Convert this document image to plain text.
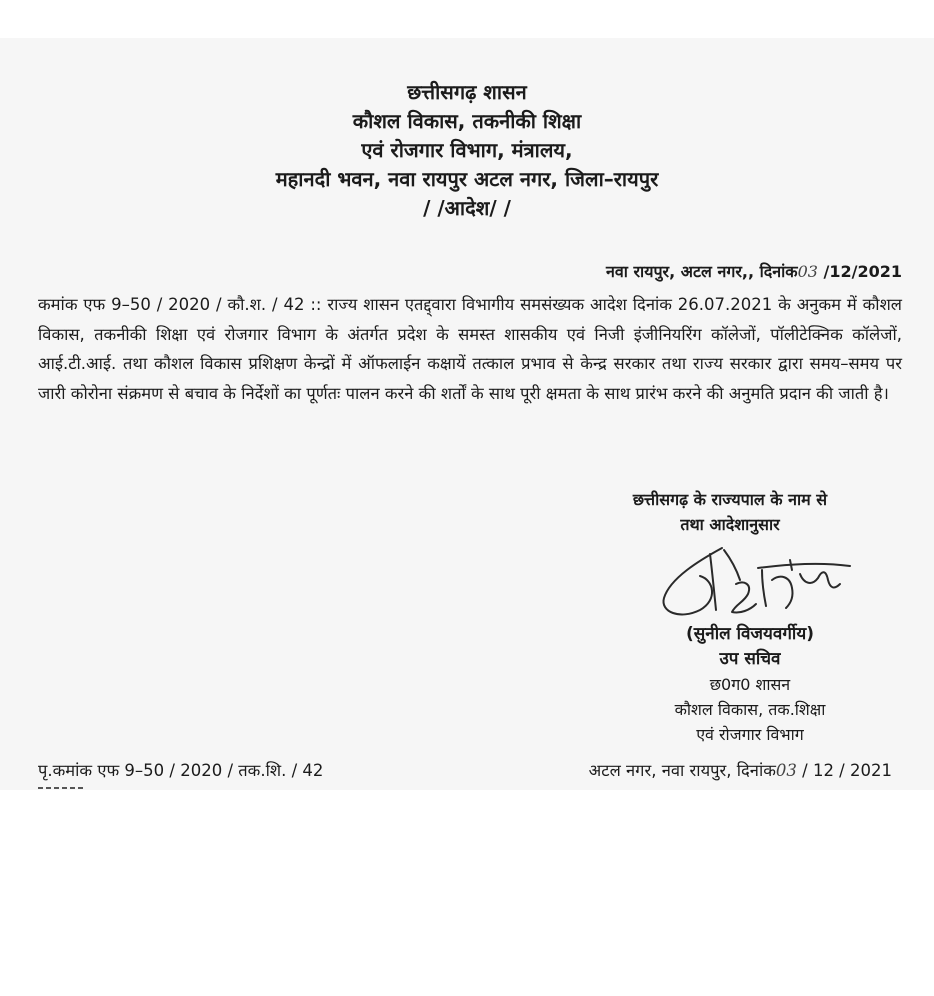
छत्तीसगढ़ शासन
कौशल विकास, तकनीकी शिक्षा
एवं रोजगार विभाग, मंत्रालय,
महानदी भवन, नवा रायपुर अटल नगर, जिला–रायपुर
/ /आदेश/ /
नवा रायपुर, अटल नगर,, दिनांक03 /12/2021
कमांक एफ 9–50 / 2020 / कौ.श. / 42 :: राज्य शासन एतद्द्वारा विभागीय समसंख्यक आदेश दिनांक 26.07.2021 के अनुकम में कौशल विकास, तकनीकी शिक्षा एवं रोजगार विभाग के अंतर्गत प्रदेश के समस्त शासकीय एवं निजी इंजीनियरिंग कॉलेजों, पॉलीटेक्निक कॉलेजों, आई.टी.आई. तथा कौशल विकास प्रशिक्षण केन्द्रों में ऑफलाईन कक्षायें तत्काल प्रभाव से केन्द्र सरकार तथा राज्य सरकार द्वारा समय–समय पर जारी कोरोना संक्रमण से बचाव के निर्देशों का पूर्णतः पालन करने की शर्तों के साथ पूरी क्षमता के साथ प्रारंभ करने की अनुमति प्रदान की जाती है।
छत्तीसगढ़ के राज्यपाल के नाम से
तथा आदेशानुसार
(सुनील विजयवर्गीय)
उप सचिव
छ0ग0 शासन
कौशल विकास, तक.शिक्षा
एवं रोजगार विभाग
पृ.कमांक एफ 9–50 / 2020 / तक.शि. / 42	अटल नगर, नवा रायपुर, दिनांक03 / 12 / 2021
